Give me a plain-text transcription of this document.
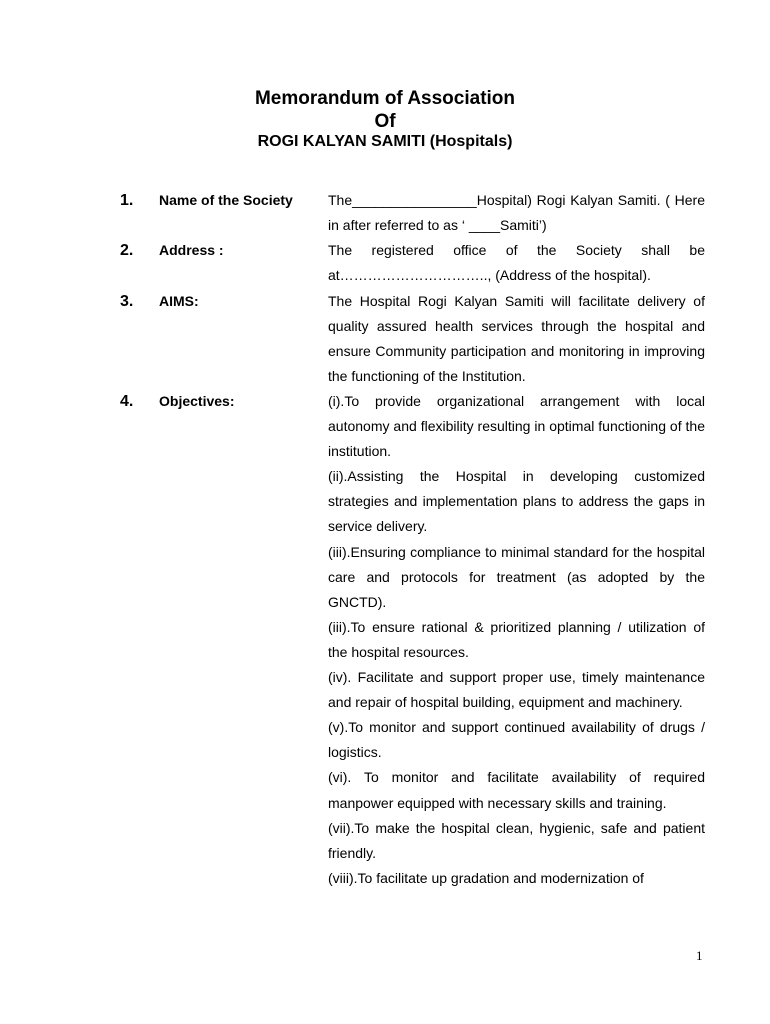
Memorandum of Association
Of
ROGI KALYAN SAMITI (Hospitals)
1. Name of the Society	The________________Hospital) Rogi Kalyan Samiti. ( Here in after referred to as ‘ ____Samiti’)

2. Address :	The registered office of the Society shall be at………………………….., (Address of the hospital).

3. AIMS:	The Hospital Rogi Kalyan Samiti will facilitate delivery of quality assured health services through the hospital and ensure Community participation and monitoring in improving the functioning of the Institution.

4. Objectives:	(i).To provide organizational arrangement with local autonomy and flexibility resulting in optimal functioning of the institution.

(ii).Assisting the Hospital in developing customized strategies and implementation plans to address the gaps in service delivery.

(iii).Ensuring compliance to minimal standard for the hospital care and protocols for treatment (as adopted by the GNCTD).

(iii).To ensure rational & prioritized planning / utilization of the hospital resources.

(iv). Facilitate and support proper use, timely maintenance and repair of hospital building, equipment and machinery.

(v).To monitor and support continued availability of drugs / logistics.

(vi). To monitor and facilitate availability of required manpower equipped with necessary skills and training.

(vii).To make the hospital clean, hygienic, safe and patient friendly.

(viii).To facilitate up gradation and modernization of

1
